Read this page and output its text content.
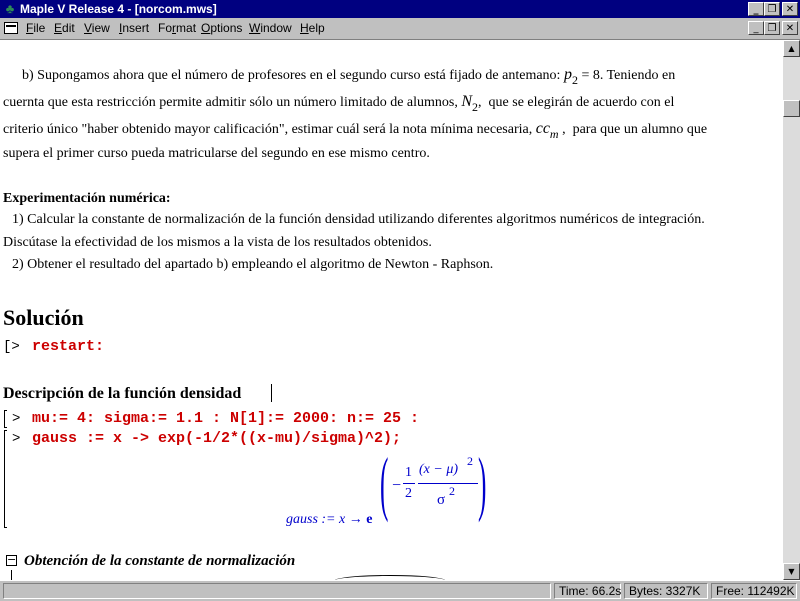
♣ Maple V Release 4 - [norcom.mws]	_ ❐ ✕
File Edit View Insert Format Options Window Help	_ ❐ ✕
b) Supongamos ahora que el número de profesores en el segundo curso está fijado de antemano: p2 = 8. Teniendo en
cuernta que esta restricción permite admitir sólo un número limitado de alumnos, N2, que se elegirán de acuerdo con el
criterio único "haber obtenido mayor calificación", estimar cuál será la nota mínima necesaria, ccm , para que un alumno que
supera el primer curso pueda matricularse del segundo en ese mismo centro.
Experimentación numérica:
1) Calcular la constante de normalización de la función densidad utilizando diferentes algoritmos numéricos de integración.
Discútase la efectividad de los mismos a la vista de los resultados obtenidos.
2) Obtener el resultado del apartado b) empleando el algoritmo de Newton - Raphson.
Solución
[> restart:
Descripción de la función densidad
> mu:= 4: sigma:= 1.1 : N[1]:= 2000: n:= 25 :
> gauss := x -> exp(-1/2*((x-mu)/sigma)^2);
gauss := x → e ( −
1
2
(x − μ)
2
σ
2 )
− Obtención de la constante de normalización
▲
▼
Time: 66.2s Bytes: 3327K	Free: 112492K
